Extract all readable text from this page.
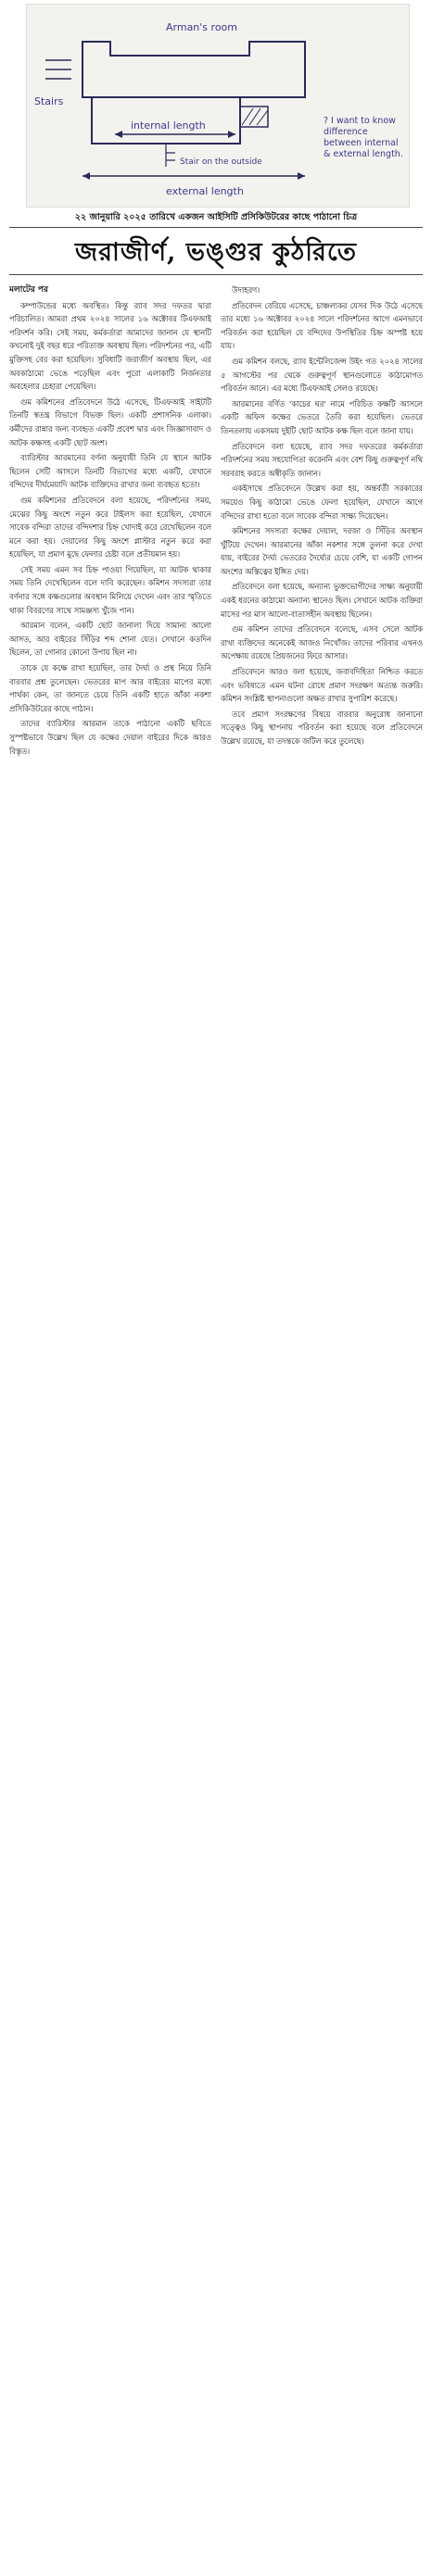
Arman's room
Stairs
internal length
external length
Stair on the outside
? I want to know difference between internal & external length.
২২ জানুয়ারি ২০২৫ তারিখে একজন আইসিটি প্রসিকিউটরের কাছে পাঠানো চিত্র
জরাজীর্ণ, ভঙ্গুর কুঠরিতে
মলাটের পর

কম্পাউন্ডের মধ্যে অবস্থিত। কিন্তু র‍্যাব সদর দফতর দ্বারা পরিচালিত। আমরা প্রথম ২০২৪ সালের ১৬ অক্টোবর টিএফআই পরিদর্শন করি। সেই সময়, কর্মকর্তারা আমাদের জানান যে স্থানটি কখনোই দুই বছর ধরে পরিত্যক্ত অবস্থায় ছিল। পরিদর্শনের পর, এটি মুক্তিসহ বের করা হয়েছিল। সুবিধাটি জরাজীর্ণ অবস্থায় ছিল, এর অবকাঠামো ভেঙে পড়েছিল এবং পুরো এলাকাটি নির্জনতার অবহেলার চেহারা পেয়েছিল।

গুম কমিশনের প্রতিবেদনে উঠে এসেছে, টিএফআই সাইটটি তিনটি স্বতন্ত্র বিভাগে বিভক্ত ছিল। একটি প্রশাসনিক এলাকা। কর্মীদের রান্নার জন্য ব্যবহৃত একটি প্রবেশ দ্বার এবং জিজ্ঞাসাবাদ ও আটক কক্ষসহ একটি ছোট অংশ।

ব্যারিস্টার আরমানের বর্ণনা অনুযায়ী তিনি যে স্থানে আটক ছিলেন সেটি আসলে তিনটি বিভাগের মধ্যে একটি, যেখানে বন্দিদের দীর্ঘমেয়াদি আটক ব্যক্তিদের রাখার জন্য ব্যবহৃত হতো।

গুম কমিশনের প্রতিবেদনে বলা হয়েছে, পরিদর্শনের সময়, মেঝের কিছু অংশে নতুন করে টাইলস করা হয়েছিল, যেখানে সাবেক বন্দিরা তাদের বন্দিদশার চিহ্ন খোদাই করে রেখেছিলেন বলে মনে করা হয়। দেয়ালের কিছু অংশে প্লাস্টার নতুন করে করা হয়েছিল, যা প্রমাণ মুছে ফেলার চেষ্টা বলে প্রতীয়মান হয়।

সেই সময় এমন সব চিহ্ন পাওয়া গিয়েছিল, যা আটক থাকার সময় তিনি দেখেছিলেন বলে দাবি করেছেন। কমিশন সদস্যরা তার বর্ণনার সঙ্গে কক্ষগুলোর অবস্থান মিলিয়ে দেখেন এবং তার স্মৃতিতে থাকা বিবরণের সাথে সামঞ্জস্য খুঁজে পান।

আরমান বলেন, একটি ছোট জানালা দিয়ে সামান্য আলো আসত, আর বাইরের সিঁড়ির শব্দ শোনা যেত। সেখানে কতদিন ছিলেন, তা গোনার কোনো উপায় ছিল না।

তাকে যে কক্ষে রাখা হয়েছিল, তার দৈর্ঘ্য ও প্রস্থ নিয়ে তিনি বারবার প্রশ্ন তুলেছেন। ভেতরের মাপ আর বাইরের মাপের মধ্যে পার্থক্য কেন, তা জানতে চেয়ে তিনি একটি হাতে আঁকা নকশা প্রসিকিউটরের কাছে পাঠান।

তাদের ব্যারিস্টার আরমান তাকে পাঠানো একটি ছবিতে সুস্পষ্টভাবে উল্লেখ ছিল যে কক্ষের দেয়াল বাইরের দিকে আরও বিস্তৃত।

উদাহরণ।

প্রতিবেদন বেরিয়ে এসেছে, চাঞ্চল্যকর যেসব দিক উঠে এসেছে তার মধ্যে ১৬ অক্টোবর ২০২৪ সালে পরিদর্শনের আগে এমনভাবে পরিবর্তন করা হয়েছিল যে বন্দিদের উপস্থিতির চিহ্ন অস্পষ্ট হয়ে যায়।

গুম কমিশন বলছে, র‍্যাব ইন্টেলিজেন্স উইং গত ২০২৪ সালের ৫ আগস্টের পর থেকে গুরুত্বপূর্ণ স্থানগুলোতে কাঠামোগত পরিবর্তন আনে। এর মধ্যে টিএফআই সেলও রয়েছে।

আরমানের বর্ণিত 'কাচের ঘর' নামে পরিচিত কক্ষটি আসলে একটি অফিস কক্ষের ভেতরে তৈরি করা হয়েছিল। ভেতরে তিনতলায় একসময় দুইটি ছোট আটক কক্ষ ছিল বলে জানা যায়।

প্রতিবেদনে বলা হয়েছে, র‍্যাব সদর দফতরের কর্মকর্তারা পরিদর্শনের সময় সহযোগিতা করেননি এবং বেশ কিছু গুরুত্বপূর্ণ নথি সরবরাহ করতে অস্বীকৃতি জানান।

একইসাথে প্রতিবেদনে উল্লেখ করা হয়, অন্তর্বর্তী সরকারের সময়েও কিছু কাঠামো ভেঙে ফেলা হয়েছিল, যেখানে আগে বন্দিদের রাখা হতো বলে সাবেক বন্দিরা সাক্ষ্য দিয়েছেন।

কমিশনের সদস্যরা কক্ষের দেয়াল, দরজা ও সিঁড়ির অবস্থান খুঁটিয়ে দেখেন। আরমানের আঁকা নকশার সঙ্গে তুলনা করে দেখা যায়, বাইরের দৈর্ঘ্য ভেতরের দৈর্ঘ্যের চেয়ে বেশি, যা একটি গোপন অংশের অস্তিত্বের ইঙ্গিত দেয়।

প্রতিবেদনে বলা হয়েছে, অন্যান্য ভুক্তভোগীদের সাক্ষ্য অনুযায়ী একই ধরনের কাঠামো অন্যান্য স্থানেও ছিল। সেখানে আটক ব্যক্তিরা মাসের পর মাস আলো-বাতাসহীন অবস্থায় ছিলেন।

গুম কমিশন তাদের প্রতিবেদনে বলেছে, এসব সেলে আটক রাখা ব্যক্তিদের অনেকেই আজও নিখোঁজ। তাদের পরিবার এখনও অপেক্ষায় রয়েছে প্রিয়জনের ফিরে আসার।

প্রতিবেদনে আরও বলা হয়েছে, জবাবদিহিতা নিশ্চিত করতে এবং ভবিষ্যতে এমন ঘটনা রোধে প্রমাণ সংরক্ষণ অত্যন্ত জরুরি। কমিশন সংশ্লিষ্ট স্থাপনাগুলো অক্ষত রাখার সুপারিশ করেছে।

তবে প্রমাণ সংরক্ষণের বিষয়ে বারবার অনুরোধ জানানো সত্ত্বেও কিছু স্থাপনায় পরিবর্তন করা হয়েছে বলে প্রতিবেদনে উল্লেখ রয়েছে, যা তদন্তকে জটিল করে তুলেছে।
